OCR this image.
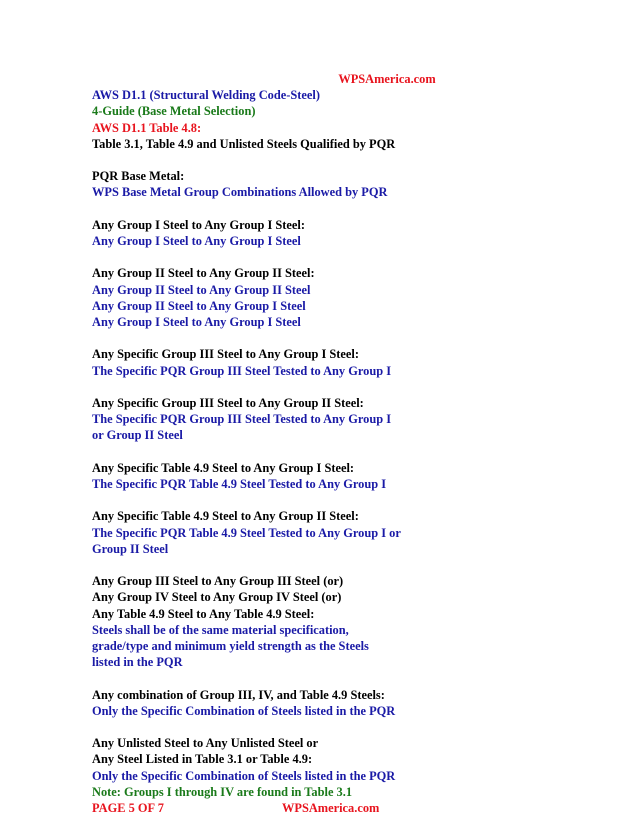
WPSAmerica.com
AWS D1.1 (Structural Welding Code-Steel)
4-Guide (Base Metal Selection)
AWS D1.1 Table 4.8:
Table 3.1, Table 4.9 and Unlisted Steels Qualified by PQR
PQR Base Metal:
WPS Base Metal Group Combinations Allowed by PQR
Any Group I Steel to Any Group I Steel:
Any Group I Steel to Any Group I Steel
Any Group II Steel to Any Group II Steel:
Any Group II Steel to Any Group II Steel
Any Group II Steel to Any Group I Steel
Any Group I Steel to Any Group I Steel
Any Specific Group III Steel to Any Group I Steel:
The Specific PQR Group III Steel Tested to Any Group I
Any Specific Group III Steel to Any Group II Steel:
The Specific PQR Group III Steel Tested to Any Group I
or Group II Steel
Any Specific Table 4.9 Steel to Any Group I Steel:
The Specific PQR Table 4.9 Steel Tested to Any Group I
Any Specific Table 4.9 Steel to Any Group II Steel:
The Specific PQR Table 4.9 Steel Tested to Any Group I or
Group II Steel
Any Group III Steel to Any Group III Steel (or)
Any Group IV Steel to Any Group IV Steel (or)
Any Table 4.9 Steel to Any Table 4.9 Steel:
Steels shall be of the same material specification,
grade/type and minimum yield strength as the Steels
listed in the PQR
Any combination of Group III, IV, and Table 4.9 Steels:
Only the Specific Combination of Steels listed in the PQR
Any Unlisted Steel to Any Unlisted Steel or
Any Steel Listed in Table 3.1 or Table 4.9:
Only the Specific Combination of Steels listed in the PQR
Note: Groups I through IV are found in Table 3.1
PAGE 5 OF 7	WPSAmerica.com
